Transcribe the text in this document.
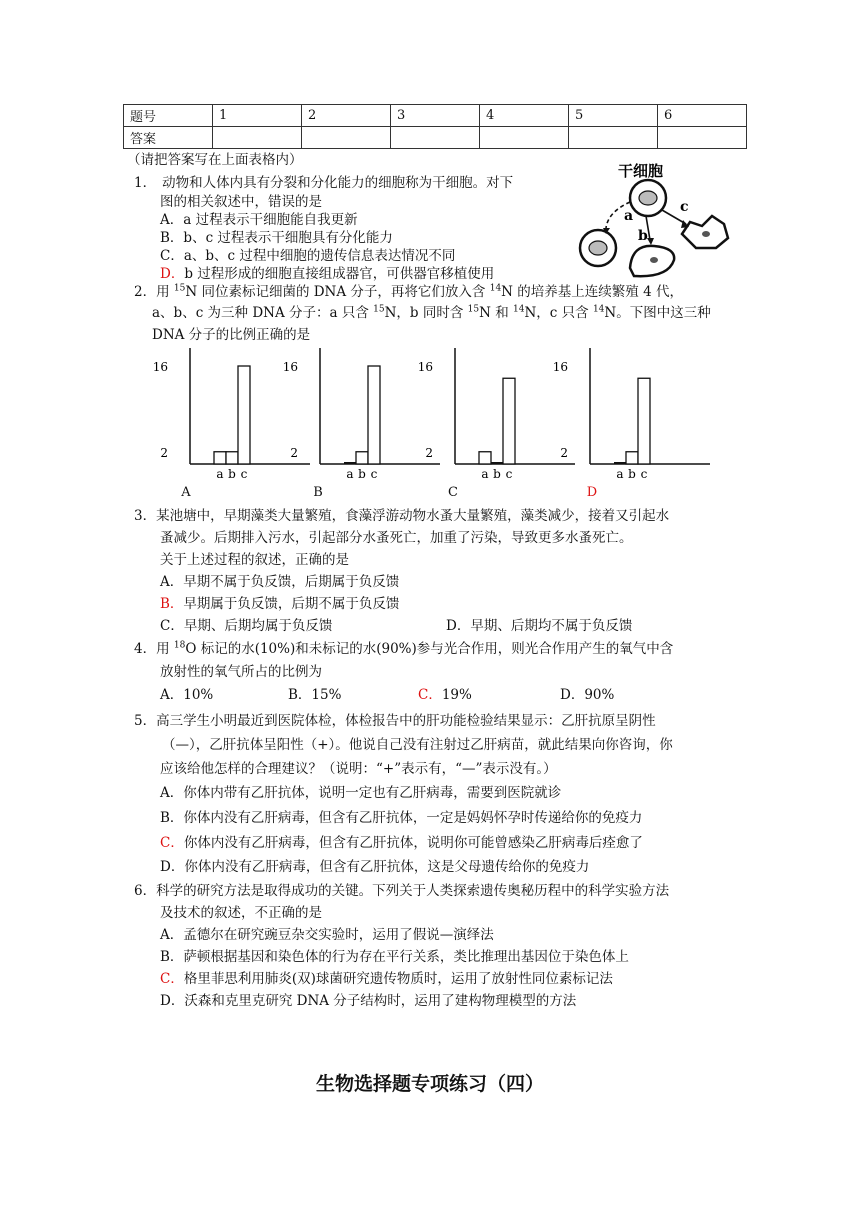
题号	1	2	3	4	5	6
答案						
（请把答案写在上面表格内）
干细胞
a
b
c
1． 动物和人体内具有分裂和分化能力的细胞称为干细胞。对下
图的相关叙述中，错误的是
A．a 过程表示干细胞能自我更新
B．b、c 过程表示干细胞具有分化能力
C．a、b、c 过程中细胞的遗传信息表达情况不同
D．b 过程形成的细胞直接组成器官，可供器官移植使用
2．用 $^{15}$N 同位素标记细菌的 DNA 分子，再将它们放入含 $^{14}$N 的培养基上连续繁殖 4 代，
a、b、c 为三种 DNA 分子：a 只含 $^{15}$N，b 同时含 $^{15}$N 和 $^{14}$N，c 只含 $^{14}$N。下图中这三种
DNA 分子的比例正确的是
2
16
a b c
A
2
16
a b c
B
2
16
a b c
C
2
16
a b c
D
3．某池塘中，早期藻类大量繁殖，食藻浮游动物水蚤大量繁殖，藻类减少，接着又引起水
蚤减少。后期排入污水，引起部分水蚤死亡，加重了污染，导致更多水蚤死亡。
关于上述过程的叙述，正确的是
A．早期不属于负反馈，后期属于负反馈
B．早期属于负反馈，后期不属于负反馈
C．早期、后期均属于负反馈	D．早期、后期均不属于负反馈
4．用 $^{18}$O 标记的水(10%)和未标记的水(90%)参与光合作用，则光合作用产生的氧气中含
放射性的氧气所占的比例为
A．10%	B．15%	C．19%	D．90%
5．高三学生小明最近到医院体检，体检报告中的肝功能检验结果显示：乙肝抗原呈阴性
（—），乙肝抗体呈阳性（+）。他说自己没有注射过乙肝病苗，就此结果向你咨询，你
应该给他怎样的合理建议？（说明：“+”表示有，“—”表示没有。）
A．你体内带有乙肝抗体，说明一定也有乙肝病毒，需要到医院就诊
B．你体内没有乙肝病毒，但含有乙肝抗体，一定是妈妈怀孕时传递给你的免疫力
C．你体内没有乙肝病毒，但含有乙肝抗体，说明你可能曾感染乙肝病毒后痊愈了
D．你体内没有乙肝病毒，但含有乙肝抗体，这是父母遗传给你的免疫力
6．科学的研究方法是取得成功的关键。下列关于人类探索遗传奥秘历程中的科学实验方法
及技术的叙述，不正确的是
A．孟德尔在研究豌豆杂交实验时，运用了假说—演绎法
B．萨顿根据基因和染色体的行为存在平行关系，类比推理出基因位于染色体上
C．格里菲思利用肺炎(双)球菌研究遗传物质时，运用了放射性同位素标记法
D．沃森和克里克研究 DNA 分子结构时，运用了建构物理模型的方法
生物选择题专项练习（四）
